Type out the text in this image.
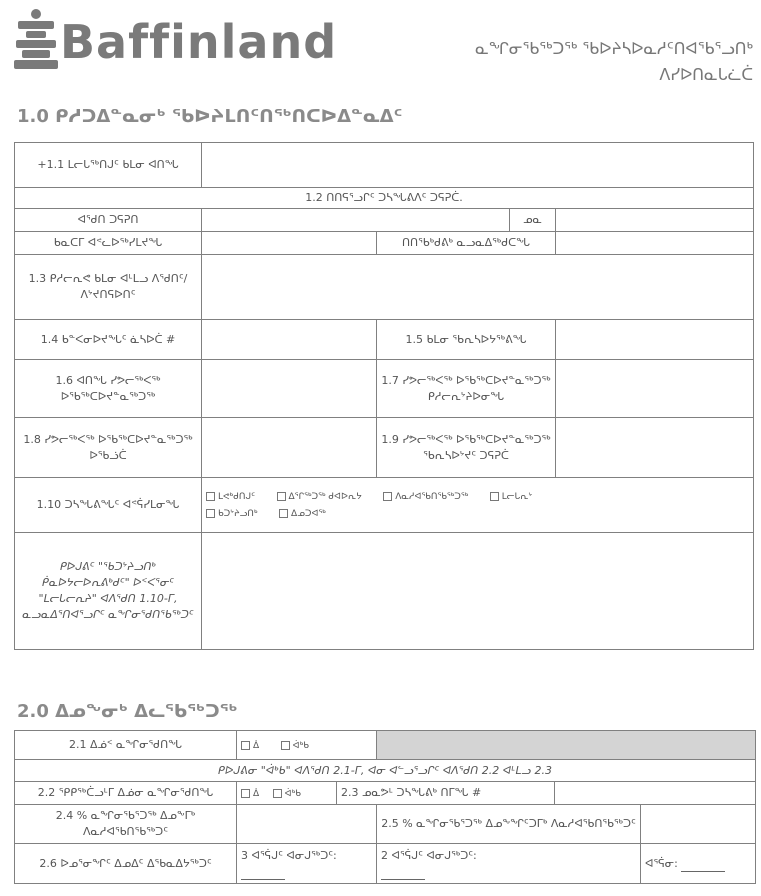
Baffinland	ᓇᖏᓂᖃᖅᑐᖅ ᖃᐅᔨᓴᐅᓇᓱᑦᑎᐊᖃᕐᓗᑎᒃ
ᐱᓯᐅᑎᓇᒐᓛᑖ
1.0 ᑭᓱᑐᐃᓐᓇᓂᒃ ᖃᐅᔨᒪᑎᑦᑎᖅᑎᑕᐅᐃᓐᓇᐃᑦ
+1.1 ᒪᓕᒐᖅᑎᒍᑦ ᑲᒪᓂ ᐊᑎᖓ				
1.2 ᑎᑎᕋᕐᓗᒋᑦ ᑐᓴᖓᕕᐱᑦ ᑐᕋᕈᑖ.				
ᐊᖁᑎ ᑐᕋᕈᑎ			ᓄᓇ	
ᑲᓇᑕᒥ ᐊᕝᓚᐅᖅᓯᒪᔪᖓ		ᑎᑎᖃᒃᑯᕕᒃ ᓇᓗᓇᐃᖅᑯᑕᖓ		
1.3 ᑭᓱᓕᕆᕙ ᑲᒪᓂ ᐊᒻᒪᓗ ᐱᖁᑎᑦ/ᐱᔾᔪᑎᕋᐅᑎᑦ				
1.4 ᑲᓐᐸᓂᐅᔪᖓᑦ ᓈᓴᐅᑖ #		1.5 ᑲᒪᓂ ᖃᕆᓴᐅᔭᖅᕕᖓ		
1.6 ᐊᑎᖓ ᓯᕗᓕᖅᐸᖅ ᐅᖃᖅᑕᐅᔪᓐᓇᖅᑐᖅ		1.7 ᓯᕗᓕᖅᐸᖅ ᐅᖃᖅᑕᐅᔪᓐᓇᖅᑐᖅ ᑭᓱᓕᕆᔾᔨᐅᓂᖓ		
1.8 ᓯᕗᓕᖅᐸᖅ ᐅᖃᖅᑕᐅᔪᓐᓇᖅᑐᖅ ᐅᖃᓘᑖ		1.9 ᓯᕗᓕᖅᐸᖅ ᐅᖃᖅᑕᐅᔪᓐᓇᖅᑐᖅ ᖃᕆᓴᐅᔾᔪᑦ ᑐᕋᕈᑖ		
1.10 ᑐᓴᖓᕕᖓᑦ ᐊᕝᕌᓯᒪᓂᖓ	ᒪᕙᒃᑯᑎᒍᑦ ᐃᕐᒋᖅᑐᖅ ᑯᐊᐅᕆᔭ ᐱᓇᓱᐊᖃᑎᖃᖅᑐᖅ ᒪᓕᒐᕆᔾ
ᑲᑐᔾᔨᓗᑎᒃ ᐃᓄᑐᐊᖅ			
ᑭᐅᒍᕕᑦ "ᖃᑐᔾᔨᓗᑎᒃ ᑮᓇᐅᔭᓕᐅᕆᕕᒃᑯᑦ" ᐅᑉᐸᕐᓂᑦ "ᒪᓕᒐᓕᕆᔨ" ᐊᐱᖁᑎ 1.10-ᒥ, ᓇᓗᓇᐃᕐᑎᐊᕐᓗᒋᑦ ᓇᖏᓂᖁᑎᖃᖅᑐᑦ				
2.0 ᐃᓄᖕᓂᒃ ᐃᓚᖃᖅᑐᖅ
2.1 ᐃᓅᑉ ᓇᖏᓂᖁᑎᖓ	ᐄ ᐋᒃᑲ				
ᑭᐅᒍᕕᓂ "ᐋᒃᑲ" ᐊᐱᖁᑎ 2.1-ᒥ, ᐊᓂ ᐊᓪᓗᕐᓗᒋᑦ ᐊᐱᖁᑎ 2.2 ᐊᒻᒪᓗ 2.3					
2.2 ᕿᑭᖅᑖᓗᒻᒥ ᐃᓅᓂ ᓇᖏᓂᖁᑎᖓ	ᐄ ᐋᒃᑲ	2.3 ᓄᓇᕗᒻ ᑐᓴᖓᕕᒃ ᑎᒥᖓ #			
2.4 % ᓇᖏᓂᖃᕐᑐᖅ ᐃᓄᖕᒥᒃ ᐱᓇᓱᐊᖃᑎᖃᖅᑐᑦ			2.5 % ᓇᖏᓂᖃᕐᑐᖅ ᐃᓄᖕᖏᑦᑐᒥᒃ ᐱᓇᓱᐊᖃᑎᖃᖅᑐᑦ		
2.6 ᐅᓄᕐᓂᖏᑦ ᐃᓄᐃᑦ ᐃᖃᓇᐃᔭᖅᑐᑦ	3 ᐊᕐᕌᒍᑦ ᐊᓂᒍᖅᑐᑦ:		2 ᐊᕐᕌᒍᑦ ᐊᓂᒍᖅᑐᑦ:		ᐊᕐᕌᓂ:
